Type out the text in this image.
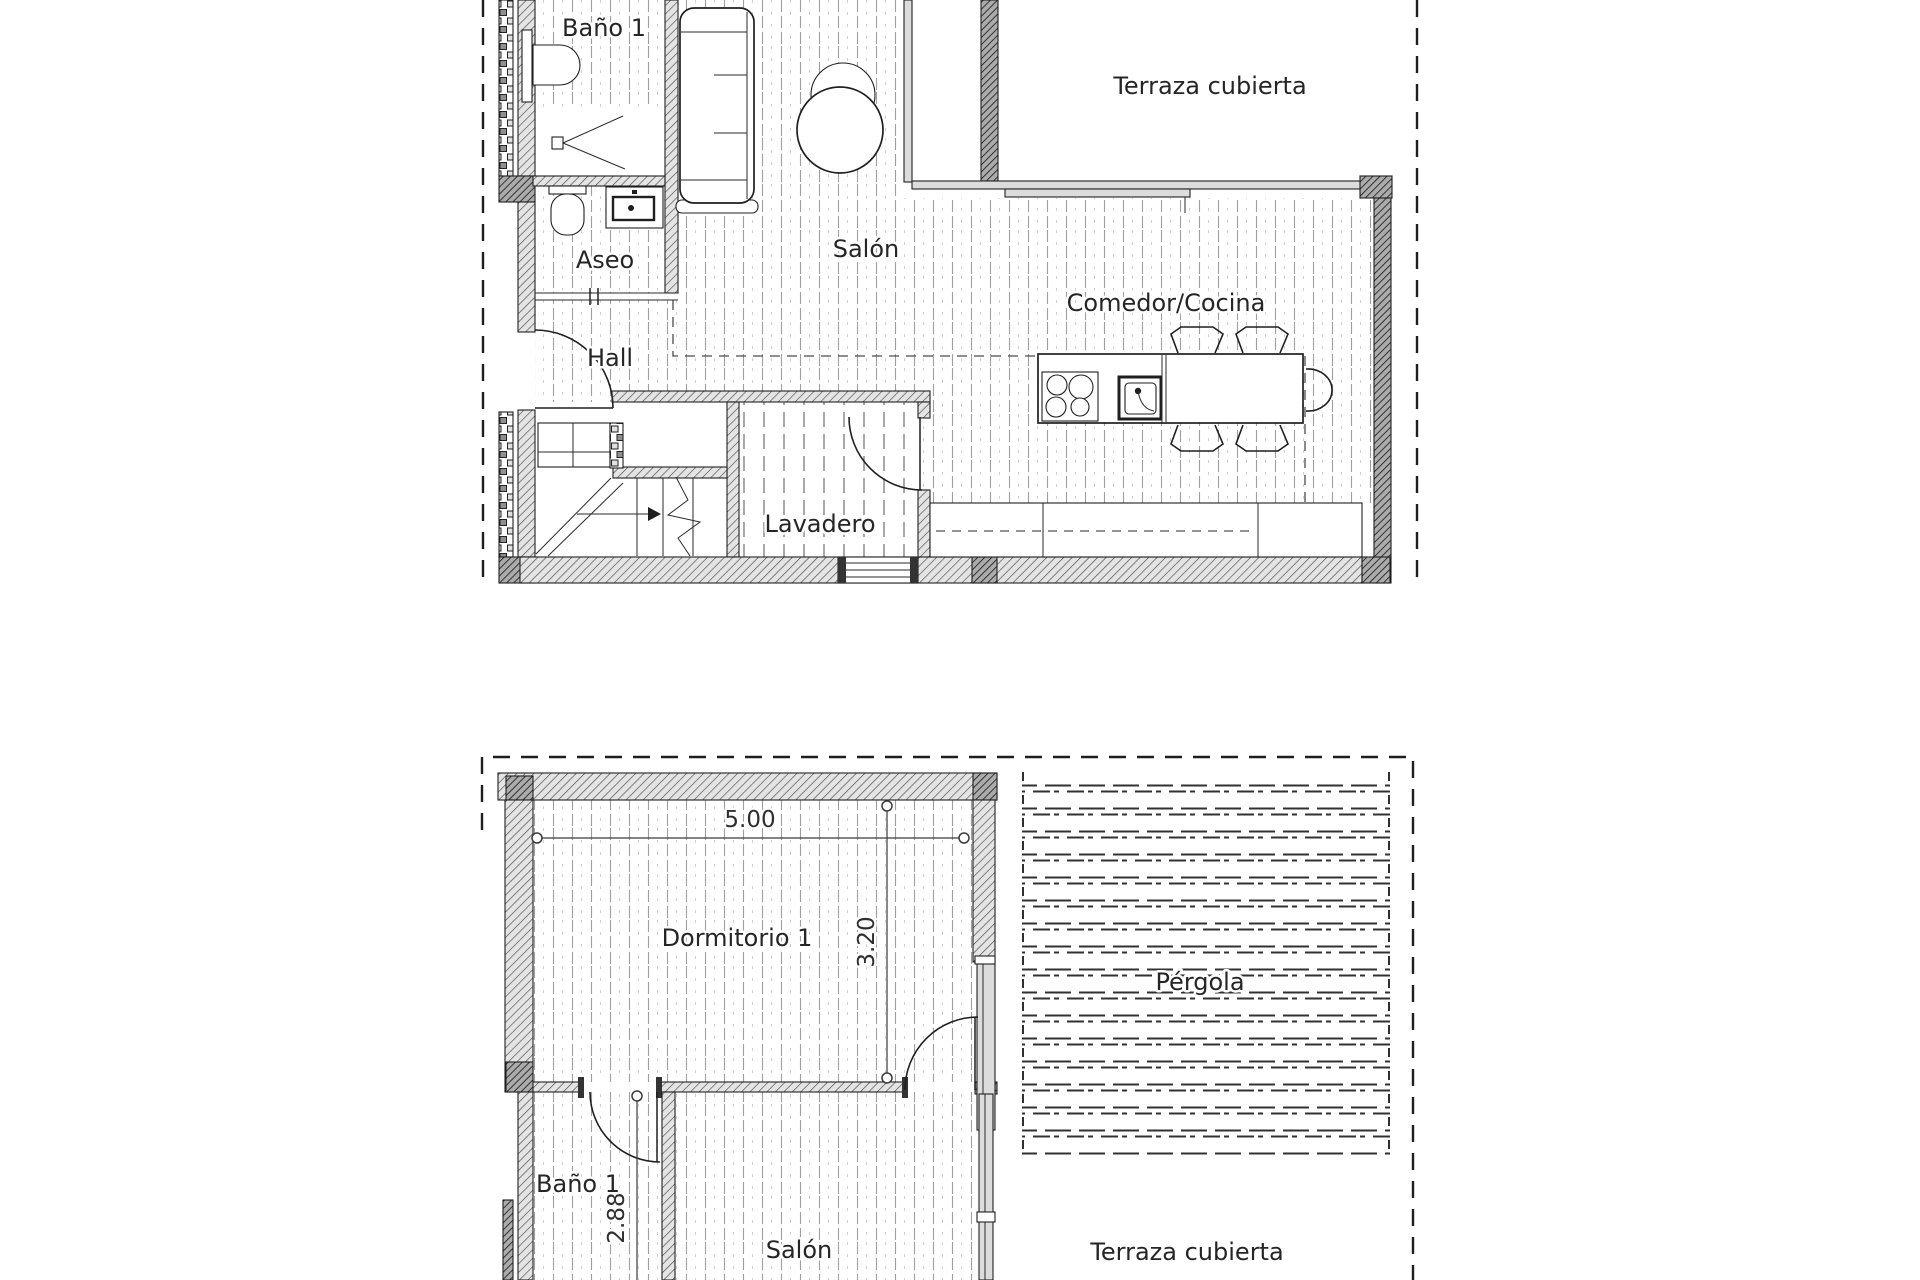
Baño 1
Terraza cubierta
Aseo	Salón
Comedor/Cocina
Hall
Lavadero
5.00
3.20
2.88
Dormitorio 1
Pérgola
Baño 1
Salón	Terraza cubierta
